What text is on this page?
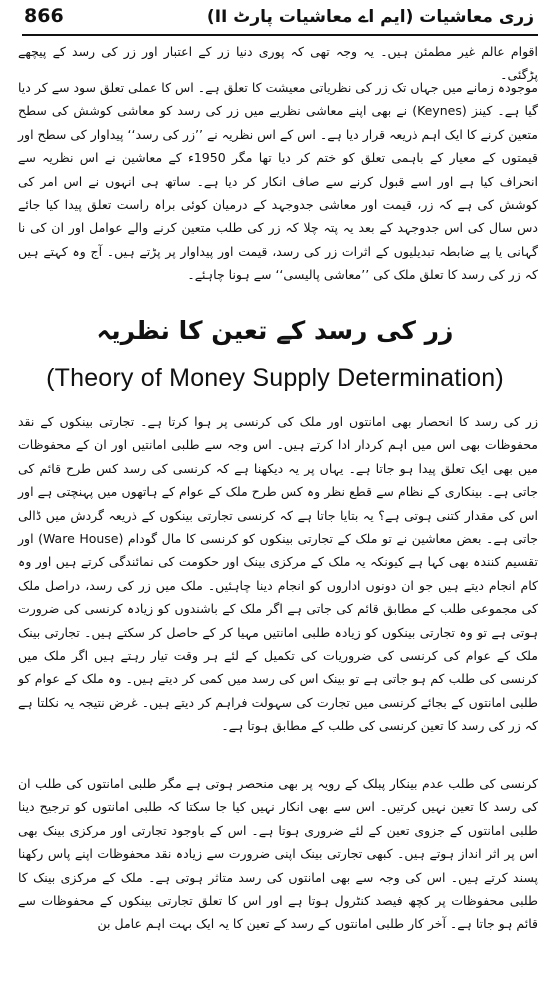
866	زری معاشیات (ایم اے معاشیات پارٹ II)

اقوام عالم غیر مطمئن ہیں۔ یہ وجہ تھی کہ پوری دنیا زر کے اعتبار اور زر کی رسد کے پیچھے پڑگئی۔

موجودہ زمانے میں جہاں تک زر کی نظریاتی معیشت کا تعلق ہے۔ اس کا عملی تعلق سود سے کر دیا گیا ہے۔ کینز (Keynes) نے بھی اپنے معاشی نظریے میں زر کی رسد کو معاشی کوشش کی سطح متعین کرنے کا ایک اہم ذریعہ قرار دیا ہے۔ اس کے اس نظریہ نے ’’زر کی رسد‘‘ پیداوار کی سطح اور قیمتوں کے معیار کے باہمی تعلق کو ختم کر دیا تھا مگر 1950ء کے معاشین نے اس نظریہ سے انحراف کیا ہے اور اسے قبول کرنے سے صاف انکار کر دیا ہے۔ ساتھ ہی انہوں نے اس امر کی کوشش کی ہے کہ زر، قیمت اور معاشی جدوجہد کے درمیان کوئی براہ راست تعلق پیدا کیا جائے دس سال کی اس جدوجہد کے بعد یہ پتہ چلا کہ زر کی طلب متعین کرنے والے عوامل اور ان کی نا گہانی یا پے ضابطہ تبدیلیوں کے اثرات زر کی رسد، قیمت اور پیداوار پر پڑتے ہیں۔ آج وہ کہتے ہیں کہ زر کی رسد کا تعلق ملک کی ’’معاشی پالیسی‘‘ سے ہونا چاہئے۔

زر کی رسد کے تعین کا نظریہ
(Theory of Money Supply Determination)

زر کی رسد کا انحصار بھی امانتوں اور ملک کی کرنسی پر ہوا کرتا ہے۔ تجارتی بینکوں کے نقد محفوظات بھی اس میں اہم کردار ادا کرتے ہیں۔ اس وجہ سے طلبی امانتیں اور ان کے محفوظات میں بھی ایک تعلق پیدا ہو جاتا ہے۔ یہاں پر یہ دیکھنا ہے کہ کرنسی کی رسد کس طرح قائم کی جاتی ہے۔ بینکاری کے نظام سے قطع نظر وہ کس طرح ملک کے عوام کے ہاتھوں میں پہنچتی ہے اور اس کی مقدار کتنی ہوتی ہے؟ یہ بتایا جاتا ہے کہ کرنسی تجارتی بینکوں کے ذریعہ گردش میں ڈالی جاتی ہے۔ بعض معاشین نے تو ملک کے تجارتی بینکوں کو کرنسی کا مال گودام (Ware House) اور تقسیم کنندہ بھی کہا ہے کیونکہ یہ ملک کے مرکزی بینک اور حکومت کی نمائندگی کرتے ہیں اور وہ کام انجام دیتے ہیں جو ان دونوں اداروں کو انجام دینا چاہئیں۔ ملک میں زر کی رسد، دراصل ملک کی مجموعی طلب کے مطابق قائم کی جاتی ہے اگر ملک کے باشندوں کو زیادہ کرنسی کی ضرورت ہوتی ہے تو وہ تجارتی بینکوں کو زیادہ طلبی امانتیں مہیا کر کے حاصل کر سکتے ہیں۔ تجارتی بینک ملک کے عوام کی کرنسی کی ضروریات کی تکمیل کے لئے ہر وقت تیار رہتے ہیں اگر ملک میں کرنسی کی طلب کم ہو جاتی ہے تو بینک اس کی رسد میں کمی کر دیتے ہیں۔ وہ ملک کے عوام کو طلبی امانتوں کے بجائے کرنسی میں تجارت کی سہولت فراہم کر دیتے ہیں۔ غرض نتیجہ یہ نکلتا ہے کہ زر کی رسد کا تعین کرنسی کی طلب کے مطابق ہوتا ہے۔

کرنسی کی طلب عدم بینکار پبلک کے رویہ پر بھی منحصر ہوتی ہے مگر طلبی امانتوں کی طلب ان کی رسد کا تعین نہیں کرتیں۔ اس سے بھی انکار نہیں کیا جا سکتا کہ طلبی امانتوں کو ترجیح دینا طلبی امانتوں کے جزوی تعین کے لئے ضروری ہوتا ہے۔ اس کے باوجود تجارتی اور مرکزی بینک بھی اس پر اثر انداز ہوتے ہیں۔ کبھی تجارتی بینک اپنی ضرورت سے زیادہ نقد محفوظات اپنے پاس رکھنا پسند کرتے ہیں۔ اس کی وجہ سے بھی امانتوں کی رسد متاثر ہوتی ہے۔ ملک کے مرکزی بینک کا طلبی محفوظات پر کچھ فیصد کنٹرول ہوتا ہے اور اس کا تعلق تجارتی بینکوں کے محفوظات سے قائم ہو جاتا ہے۔ آخر کار طلبی امانتوں کے رسد کے تعین کا یہ ایک بہت اہم عامل بن
